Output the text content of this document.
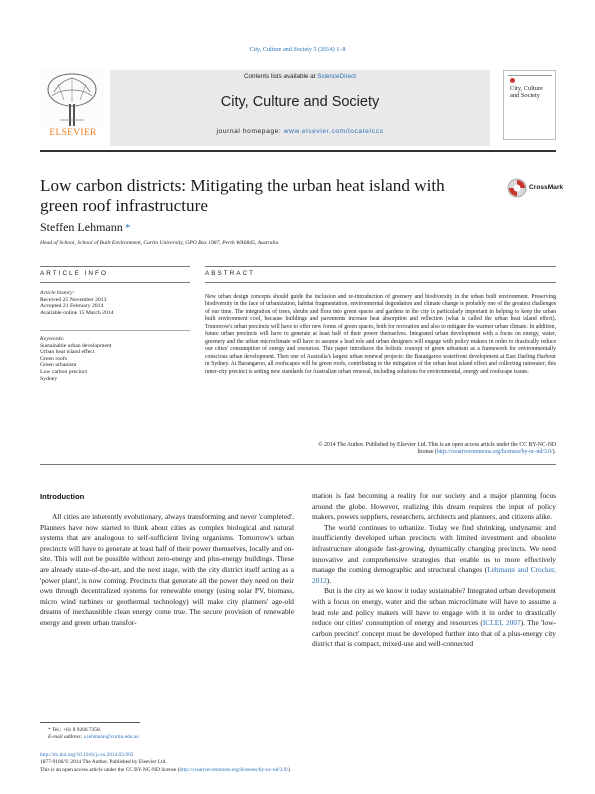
City, Culture and Society 5 (2014) 1–8
ELSEVIER
Contents lists available at ScienceDirect
City, Culture and Society
journal homepage: www.elsevier.com/locate/ccs
City, Culture and Society
Low carbon districts: Mitigating the urban heat island with green roof infrastructure
CrossMark
Steffen Lehmann *
Head of School, School of Built Environment, Curtin University, GPO Box 1987, Perth WA6845, Australia
ARTICLE INFO	ABSTRACT
Article history:
Received 25 November 2013
Accepted 21 February 2014
Available online 15 March 2014
Keywords:
Sustainable urban development
Urban heat island effect
Green roofs
Green urbanism
Low carbon precinct
Sydney
New urban design concepts should guide the inclusion and re-introduction of greenery and biodiversity in the urban built environment. Preserving biodiversity in the face of urbanization, habitat fragmentation, environmental degradation and climate change is probably one of the greatest challenges of our time. The integration of trees, shrubs and flora into green spaces and gardens in the city is particularly important in helping to keep the urban built environment cool, because buildings and pavements increase heat absorption and reflection (what is called the urban heat island effect). Tomorrow's urban precincts will have to offer new forms of green spaces, both for recreation and also to mitigate the warmer urban climate. In addition, future urban precincts will have to generate at least half of their power themselves. Integrated urban development with a focus on energy, water, greenery and the urban microclimate will have to assume a lead role and urban designers will engage with policy makers in order to drastically reduce our cities' consumption of energy and resources. This paper introduces the holistic concept of green urbanism as a framework for environmentally conscious urban development. Then one of Australia's largest urban renewal projects: the Barangaroo waterfront development at East Darling Harbour in Sydney. At Barangaroo, all roofscapes will be green roofs, contributing to the mitigation of the urban heat island effect and collecting rainwater; this inner-city precinct is setting new standards for Australian urban renewal, including solutions for environmental, energy and roofscape issues.
© 2014 The Author. Published by Elsevier Ltd. This is an open access article under the CC BY-NC-ND
license (http://creativecommons.org/licenses/by-nc-nd/3.0/).
Introduction

All cities are inherently evolutionary, always transforming and never 'completed'. Planners have now started to think about cities as complex biological and natural systems that are analogous to self-sufficient living organisms. Tomorrow's urban precincts will have to generate at least half of their power themselves, locally and on-site. This will not be possible without zero-energy and plus-energy buildings. These are already state-of-the-art, and the next stage, with the city district itself acting as a 'power plant', is now coming. Precincts that generate all the power they need on their own through decentralized systems for renewable energy (using solar PV, biomass, micro wind turbines or geothermal technology) will make city planners' age-old dreams of inexhaustible clean energy come true. The secure provision of renewable energy and green urban transfor-

mation is fast becoming a reality for our society and a major planning focus around the globe. However, realizing this dream requires the input of policy makers, powers suppliers, researchers, architects and planners, and citizens alike.

The world continues to urbanize. Today we find shrinking, undynamic and insufficiently developed urban precincts with limited investment and obsolete infrastructure alongside fast-growing, dynamically changing precincts. We need innovative and comprehensive strategies that enable us to more effectively manage the coming demographic and structural changes (Lehmann and Crocker, 2012).

But is the city as we know it today sustainable? Integrated urban development with a focus on energy, water and the urban microclimate will have to assume a lead role and policy makers will have to engage with it in order to drastically reduce our cities' consumption of energy and resources (ICLEI, 2007). The 'low-carbon precinct' concept must be developed further into that of a plus-energy city district that is compact, mixed-use and well-connected

* Tel.: +61 8 9266 7258.
E-mail address: s.lehmann@curtin.edu.au
http://dx.doi.org/10.1016/j.ccs.2014.02.002
1877-9166/© 2014 The Author. Published by Elsevier Ltd.
This is an open access article under the CC BY-NC-ND license (http://creativecommons.org/licenses/by-nc-nd/3.0/).
